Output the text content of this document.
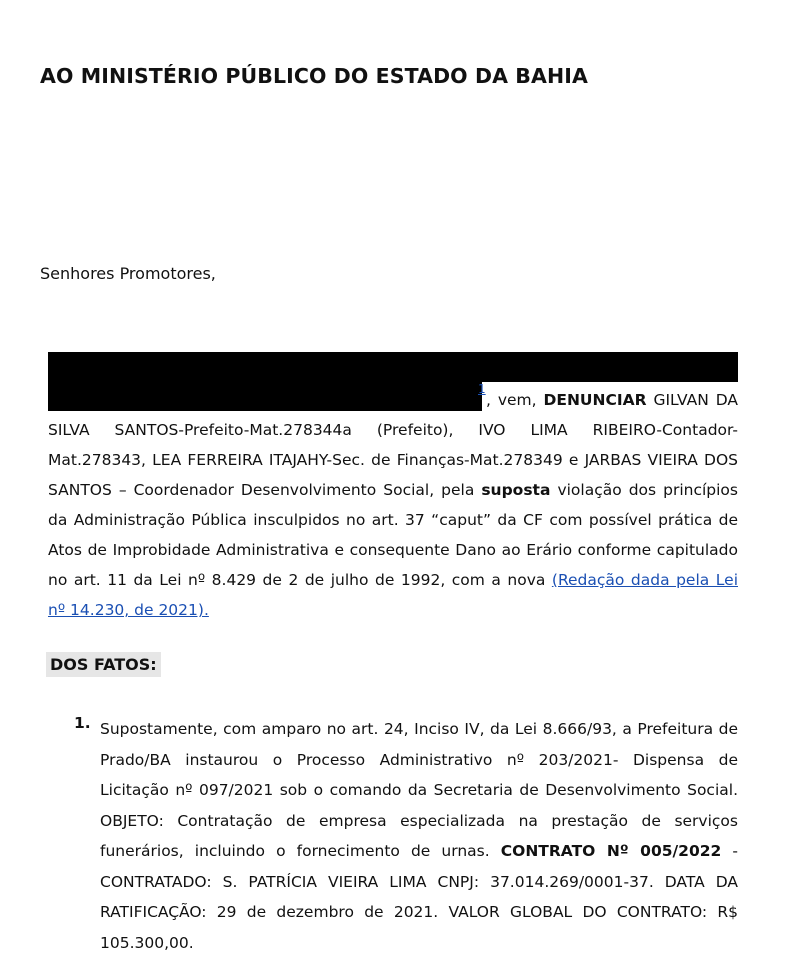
AO MINISTÉRIO PÚBLICO DO ESTADO DA BAHIA
Senhores Promotores,
1
, vem, DENUNCIAR GILVAN DA
SILVA SANTOS-Prefeito-Mat.278344a (Prefeito), IVO LIMA RIBEIRO-Contador-
Mat.278343, LEA FERREIRA ITAJAHY-Sec. de Finanças-Mat.278349 e JARBAS VIEIRA DOS
SANTOS – Coordenador Desenvolvimento Social, pela suposta violação dos princípios
da Administração Pública insculpidos no art. 37 “caput” da CF com possível prática de
Atos de Improbidade Administrativa e consequente Dano ao Erário conforme capitulado
no art. 11 da Lei nº 8.429 de 2 de julho de 1992, com a nova (Redação dada pela Lei
nº 14.230, de 2021).
DOS FATOS:
1. Supostamente, com amparo no art. 24, Inciso IV, da Lei 8.666/93, a Prefeitura de
Prado/BA instaurou o Processo Administrativo nº 203/2021- Dispensa de
Licitação nº 097/2021 sob o comando da Secretaria de Desenvolvimento Social.
OBJETO: Contratação de empresa especializada na prestação de serviços
funerários, incluindo o fornecimento de urnas. CONTRATO Nº 005/2022 -
CONTRATADO: S. PATRÍCIA VIEIRA LIMA CNPJ: 37.014.269/0001-37. DATA DA
RATIFICAÇÃO: 29 de dezembro de 2021. VALOR GLOBAL DO CONTRATO: R$
105.300,00.
